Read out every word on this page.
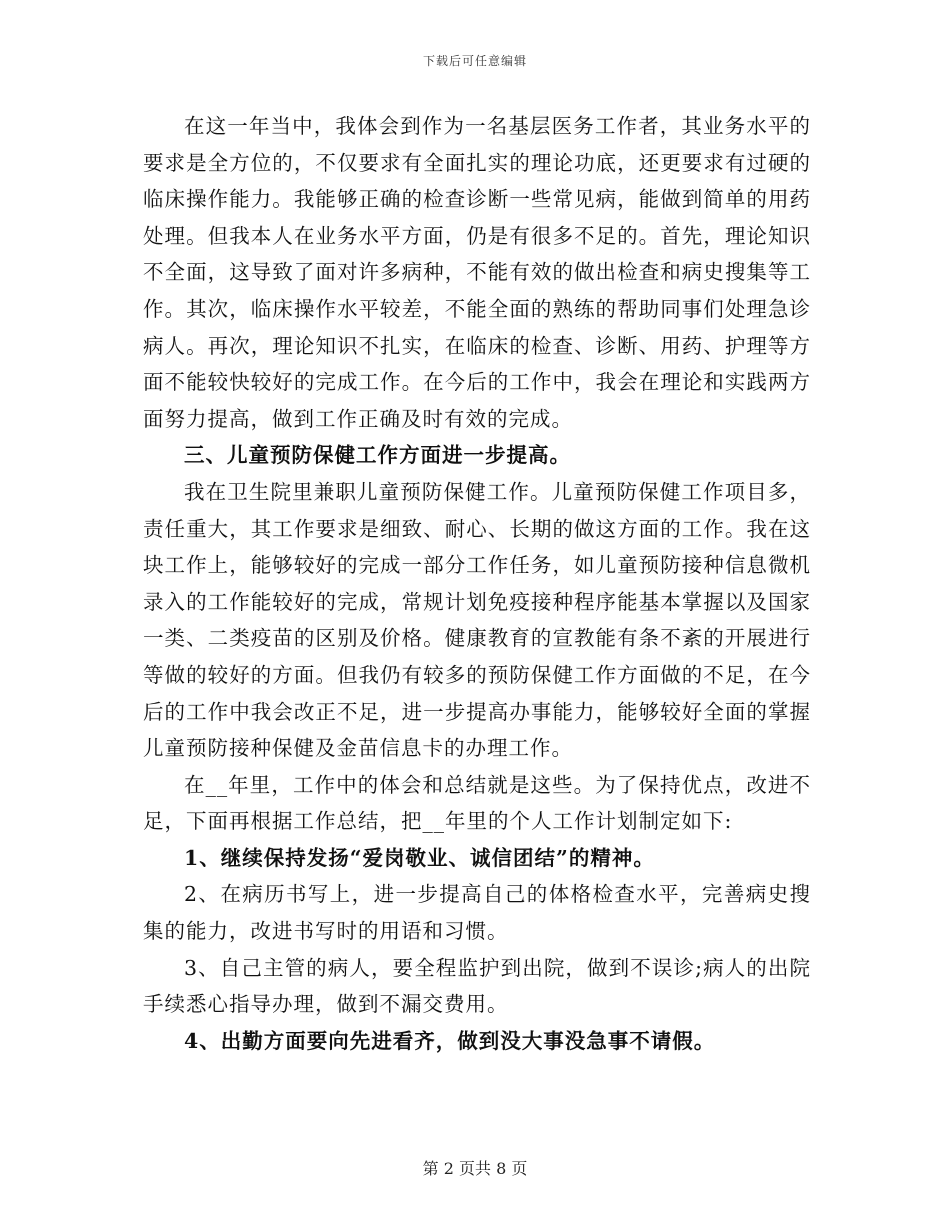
下载后可任意编辑

在这一年当中，我体会到作为一名基层医务工作者，其业务水平的要求是全方位的，不仅要求有全面扎实的理论功底，还更要求有过硬的临床操作能力。我能够正确的检查诊断一些常见病，能做到简单的用药处理。但我本人在业务水平方面，仍是有很多不足的。首先，理论知识不全面，这导致了面对许多病种，不能有效的做出检查和病史搜集等工作。其次，临床操作水平较差，不能全面的熟练的帮助同事们处理急诊病人。再次，理论知识不扎实，在临床的检查、诊断、用药、护理等方面不能较快较好的完成工作。在今后的工作中，我会在理论和实践两方面努力提高，做到工作正确及时有效的完成。

三、儿童预防保健工作方面进一步提高。

我在卫生院里兼职儿童预防保健工作。儿童预防保健工作项目多，责任重大，其工作要求是细致、耐心、长期的做这方面的工作。我在这块工作上，能够较好的完成一部分工作任务，如儿童预防接种信息微机录入的工作能较好的完成，常规计划免疫接种程序能基本掌握以及国家一类、二类疫苗的区别及价格。健康教育的宣教能有条不紊的开展进行等做的较好的方面。但我仍有较多的预防保健工作方面做的不足，在今后的工作中我会改正不足，进一步提高办事能力，能够较好全面的掌握儿童预防接种保健及金苗信息卡的办理工作。

在__年里，工作中的体会和总结就是这些。为了保持优点，改进不足，下面再根据工作总结，把__年里的个人工作计划制定如下:

1、继续保持发扬“爱岗敬业、诚信团结”的精神。

2、在病历书写上，进一步提高自己的体格检查水平，完善病史搜集的能力，改进书写时的用语和习惯。

3、自己主管的病人，要全程监护到出院，做到不误诊;病人的出院手续悉心指导办理，做到不漏交费用。

4、出勤方面要向先进看齐，做到没大事没急事不请假。

第 2 页共 8 页
